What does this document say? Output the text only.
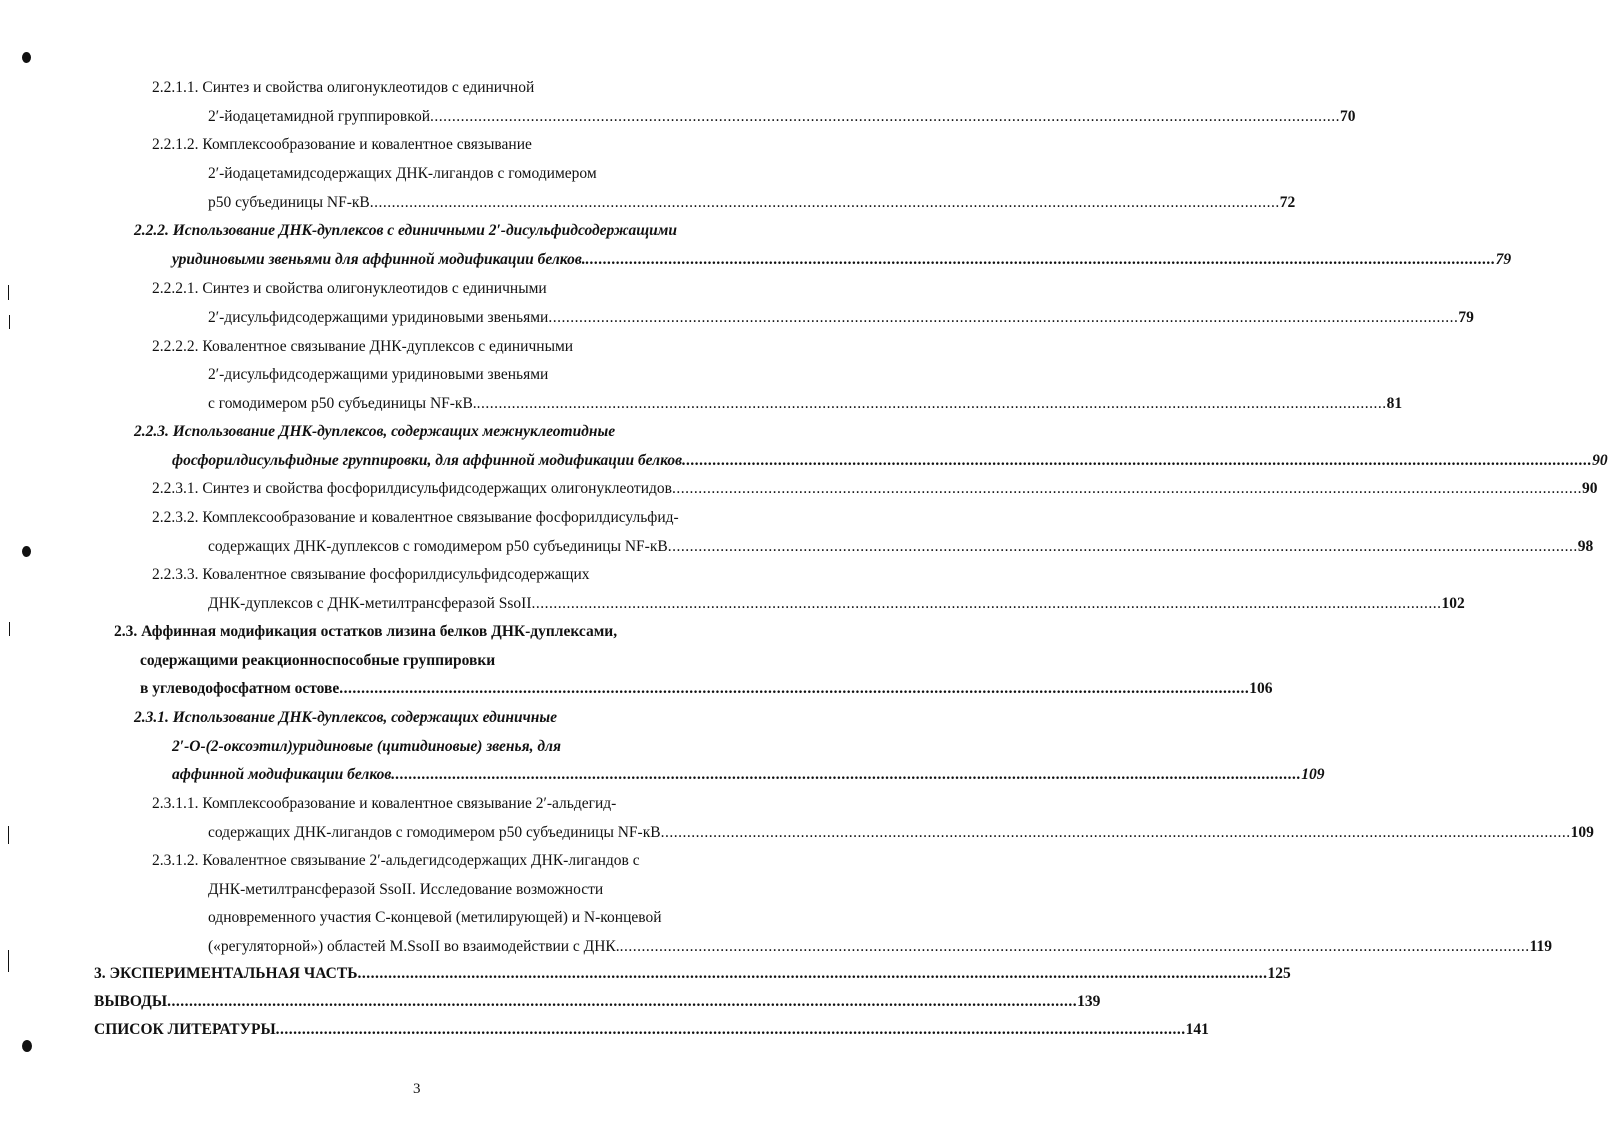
2.2.1.1. Синтез и свойства олигонуклеотидов с единичной
2′-йодацетамидной группировкой ................................................................................................................................................................................................................ 70
2.2.1.2. Комплексообразование и ковалентное связывание
2′-йодацетамидсодержащих ДНК-лигандов с гомодимером
р50 субъединицы NF-кВ ................................................................................................................................................................................................................ 72
2.2.2. Использование ДНК-дуплексов с единичными 2′-дисульфидсодержащими
уридиновыми звеньями для аффинной модификации белков. ................................................................................................................................................................................................................ 79
2.2.2.1. Синтез и свойства олигонуклеотидов с единичными
2′-дисульфидсодержащими уридиновыми звеньями ................................................................................................................................................................................................................ 79
2.2.2.2. Ковалентное связывание ДНК-дуплексов с единичными
2′-дисульфидсодержащими уридиновыми звеньями
с гомодимером р50 субъединицы NF-кВ. ................................................................................................................................................................................................................ 81
2.2.3. Использование ДНК-дуплексов, содержащих межнуклеотидные
фосфорилдисульфидные группировки, для аффинной модификации белков ................................................................................................................................................................................................................ 90
2.2.3.1. Синтез и свойства фосфорилдисульфидсодержащих олигонуклеотидов ................................................................................................................................................................................................................ 90
2.2.3.2. Комплексообразование и ковалентное связывание фосфорилдисульфид-
содержащих ДНК-дуплексов с гомодимером р50 субъединицы NF-кВ ................................................................................................................................................................................................................ 98
2.2.3.3. Ковалентное связывание фосфорилдисульфидсодержащих
ДНК-дуплексов с ДНК-метилтрансферазой SsoII ................................................................................................................................................................................................................ 102
2.3. Аффинная модификация остатков лизина белков ДНК-дуплексами,
содержащими реакционноспособные группировки
в углеводофосфатном остове ................................................................................................................................................................................................................ 106
2.3.1. Использование ДНК-дуплексов, содержащих единичные
2′-О-(2-оксоэтил)уридиновые (цитидиновые) звенья, для
аффинной модификации белков ................................................................................................................................................................................................................ 109
2.3.1.1. Комплексообразование и ковалентное связывание 2′-альдегид-
содержащих ДНК-лигандов с гомодимером р50 субъединицы NF-кВ ................................................................................................................................................................................................................ 109
2.3.1.2. Ковалентное связывание 2′-альдегидсодержащих ДНК-лигандов с
ДНК-метилтрансферазой SsoII. Исследование возможности
одновременного участия С-концевой (метилирующей) и N-концевой
(«регуляторной») областей M.SsoII во взаимодействии с ДНК. ................................................................................................................................................................................................................ 119
3. ЭКСПЕРИМЕНТАЛЬНАЯ ЧАСТЬ ................................................................................................................................................................................................................ 125
ВЫВОДЫ ................................................................................................................................................................................................................ 139
СПИСОК ЛИТЕРАТУРЫ ................................................................................................................................................................................................................ 141
3
